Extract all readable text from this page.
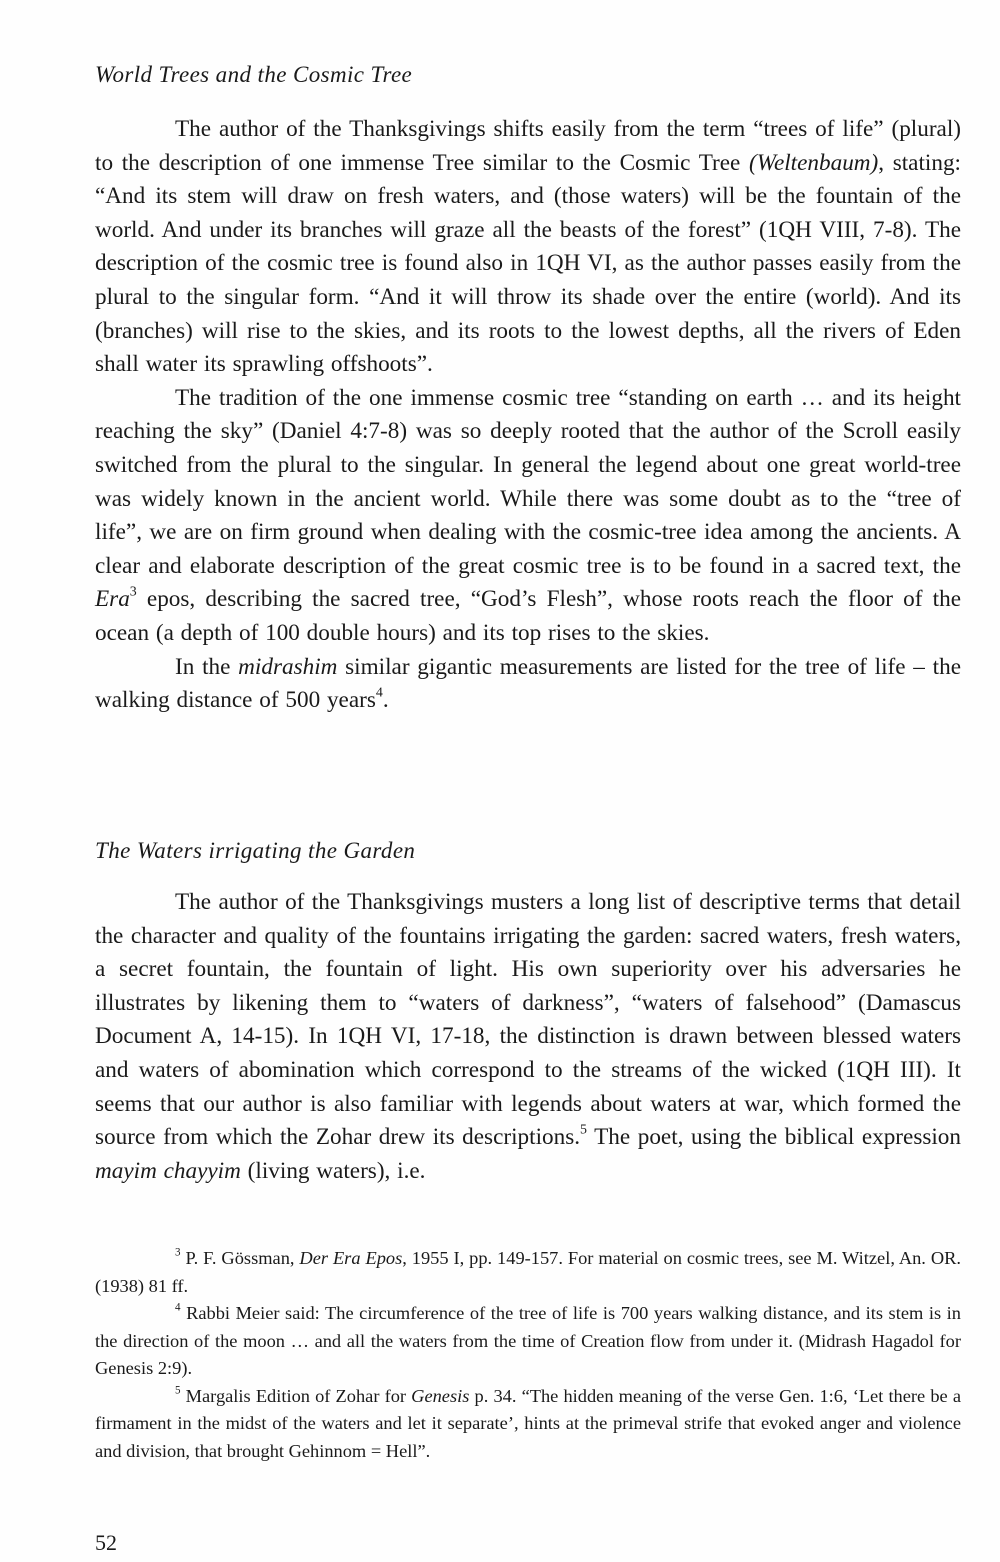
World Trees and the Cosmic Tree

The author of the Thanksgivings shifts easily from the term “trees of life” (plural) to the description of one immense Tree similar to the Cosmic Tree (Weltenbaum), stating: “And its stem will draw on fresh waters, and (those waters) will be the fountain of the world. And under its branches will graze all the beasts of the forest” (1QH VIII, 7-8). The description of the cosmic tree is found also in 1QH VI, as the author passes easily from the plural to the singular form. “And it will throw its shade over the entire (world). And its (branches) will rise to the skies, and its roots to the lowest depths, all the rivers of Eden shall water its sprawling offshoots”.

The tradition of the one immense cosmic tree “standing on earth … and its height reaching the sky” (Daniel 4:7-8) was so deeply rooted that the author of the Scroll easily switched from the plural to the singular. In general the legend about one great world-tree was widely known in the ancient world. While there was some doubt as to the “tree of life”, we are on firm ground when dealing with the cosmic-tree idea among the ancients. A clear and elaborate description of the great cosmic tree is to be found in a sacred text, the Era$^3$ epos, describing the sacred tree, “God’s Flesh”, whose roots reach the floor of the ocean (a depth of 100 double hours) and its top rises to the skies.

In the midrashim similar gigantic measurements are listed for the tree of life – the walking distance of 500 years$^4$.

The Waters irrigating the Garden

The author of the Thanksgivings musters a long list of descriptive terms that detail the character and quality of the fountains irrigating the garden: sacred waters, fresh waters, a secret fountain, the fountain of light. His own superiority over his adversaries he illustrates by likening them to “waters of darkness”, “waters of falsehood” (Damascus Document A, 14-15). In 1QH VI, 17-18, the distinction is drawn between blessed waters and waters of abomination which correspond to the streams of the wicked (1QH III). It seems that our author is also familiar with legends about waters at war, which formed the source from which the Zohar drew its descriptions.$^5$ The poet, using the biblical expression mayim chayyim (living waters), i.e.

$^3$ P. F. Gössman, Der Era Epos, 1955 I, pp. 149-157. For material on cosmic trees, see M. Witzel, An. OR. (1938) 81 ff.

$^4$ Rabbi Meier said: The circumference of the tree of life is 700 years walking distance, and its stem is in the direction of the moon … and all the waters from the time of Creation flow from under it. (Midrash Hagadol for Genesis 2:9).

$^5$ Margalis Edition of Zohar for Genesis p. 34. “The hidden meaning of the verse Gen. 1:6, ‘Let there be a firmament in the midst of the waters and let it separate’, hints at the primeval strife that evoked anger and violence and division, that brought Gehinnom = Hell”.

52
